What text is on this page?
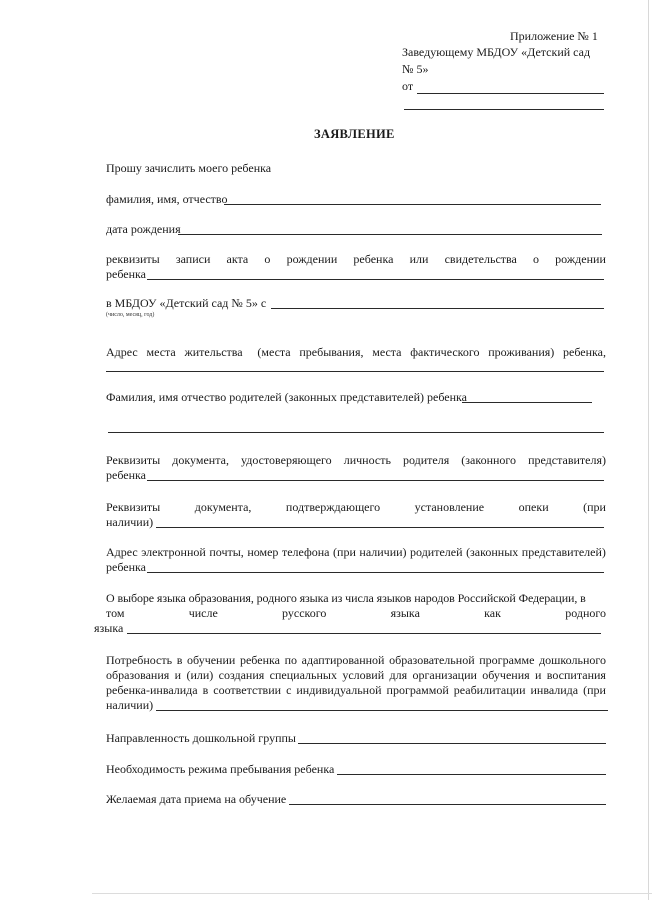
Приложение № 1
Заведующему МБДОУ «Детский сад
№ 5»
от
ЗАЯВЛЕНИЕ
Прошу зачислить моего ребенка
фамилия, имя, отчество
дата рождения
реквизиты записи акта о рождении ребенка или свидетельства о рождении
ребенка
в МБДОУ «Детский сад № 5» с
(число, месяц, год)
Адрес места жительства (места пребывания, места фактического проживания) ребенка,
Фамилия, имя отчество родителей (законных представителей) ребенка
Реквизиты документа, удостоверяющего личность родителя (законного представителя)
ребенка
Реквизиты	документа,	подтверждающего	установление	опеки	(при
наличии)
Адрес электронной почты, номер телефона (при наличии) родителей (законных представителей)
ребенка
О выборе языка образования, родного языка из числа языков народов Российской Федерации, в
том	числе	русского	языка	как	родного
языка
Потребность в обучении ребенка по адаптированной образовательной программе дошкольного
образования и (или) создания специальных условий для организации обучения и воспитания
ребенка-инвалида в соответствии с индивидуальной программой реабилитации инвалида (при
наличии)
Направленность дошкольной группы
Необходимость режима пребывания ребенка
Желаемая дата приема на обучение
